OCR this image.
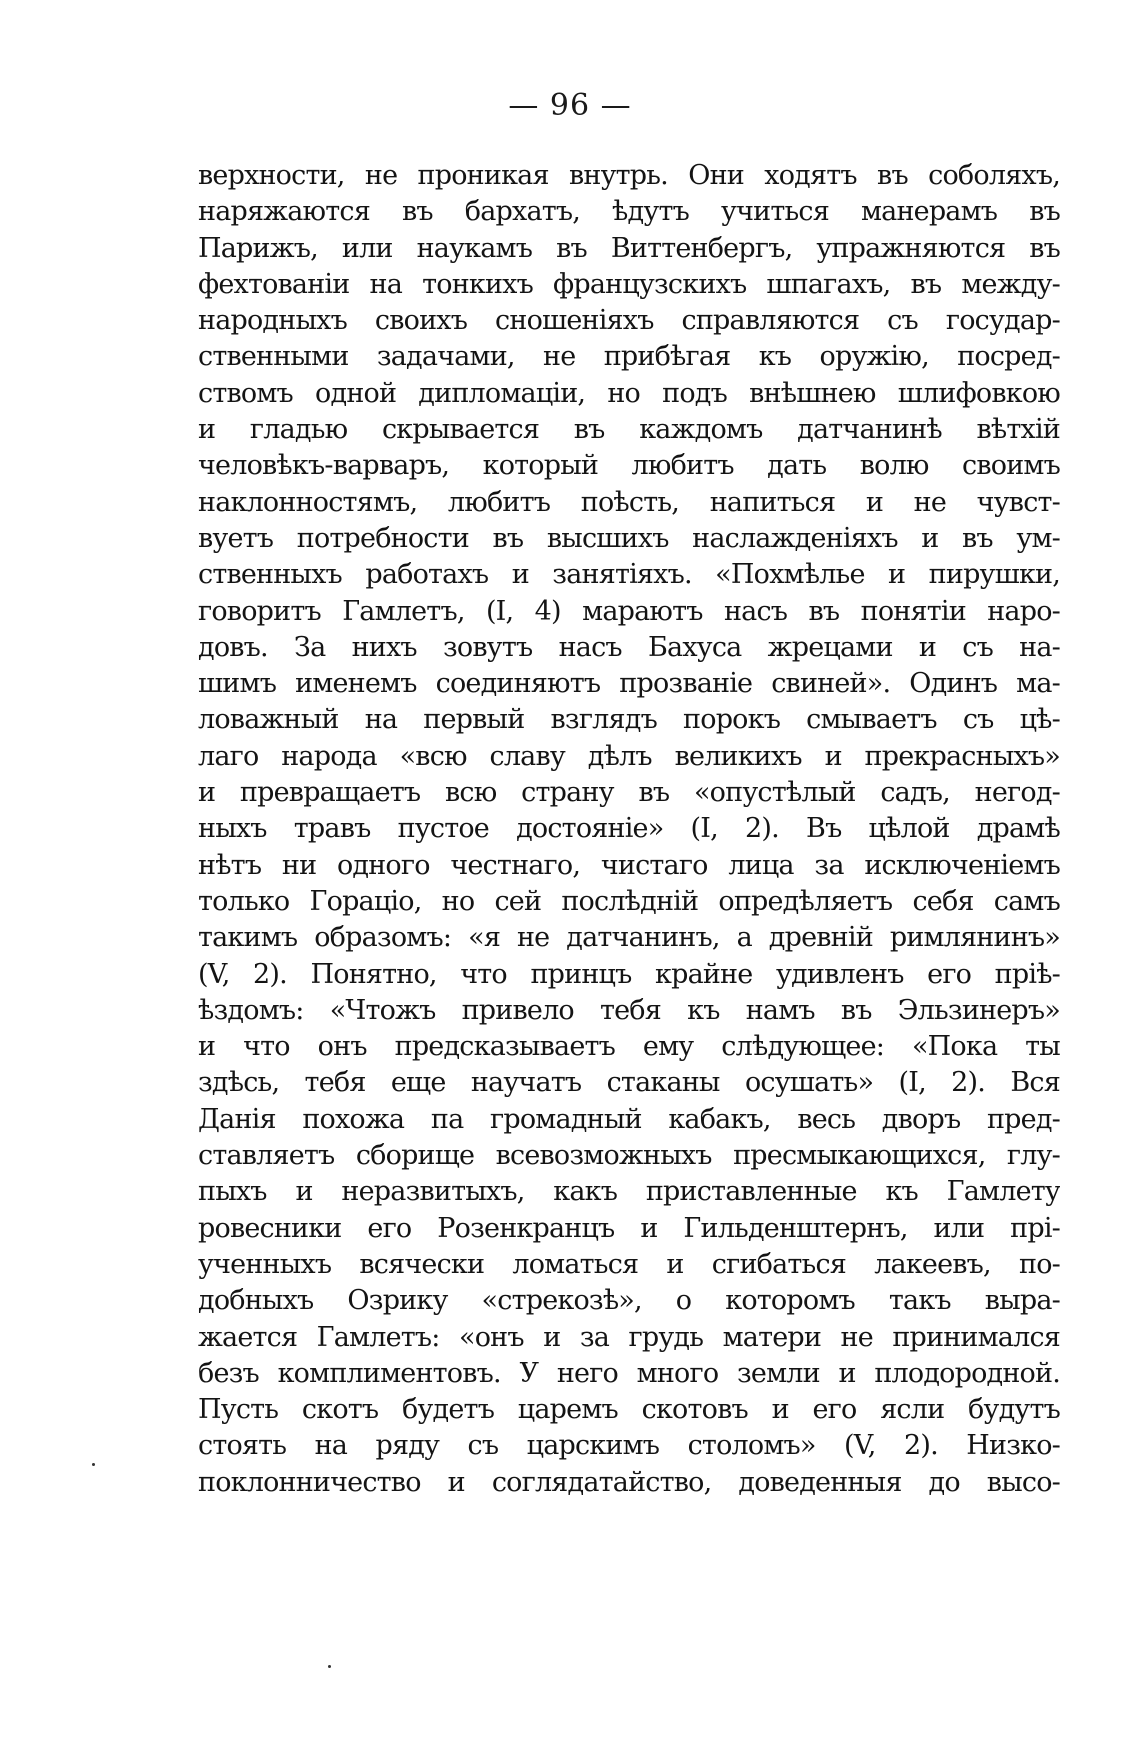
— 96 —
верхности, не проникая внутрь. Они ходятъ въ соболяхъ,
наряжаются въ бархатъ, ѣдутъ учиться манерамъ въ
Парижъ, или наукамъ въ Виттенбергъ, упражняются въ
фехтованіи на тонкихъ французскихъ шпагахъ, въ между-
народныхъ своихъ сношеніяхъ справляются съ государ-
ственными задачами, не прибѣгая къ оружію, посред-
ствомъ одной дипломаціи, но подъ внѣшнею шлифовкою
и гладью скрывается въ каждомъ датчанинѣ вѣтхій
человѣкъ-варваръ, который любитъ дать волю своимъ
наклонностямъ, любитъ поѣсть, напиться и не чувст-
вуетъ потребности въ высшихъ наслажденіяхъ и въ ум-
ственныхъ работахъ и занятіяхъ. «Похмѣлье и пирушки,
говоритъ Гамлетъ, (I, 4) мараютъ насъ въ понятіи наро-
довъ. За нихъ зовутъ насъ Бахуса жрецами и съ на-
шимъ именемъ соединяютъ прозваніе свиней». Одинъ ма-
ловажный на первый взглядъ порокъ смываетъ съ цѣ-
лаго народа «всю славу дѣлъ великихъ и прекрасныхъ»
и превращаетъ всю страну въ «опустѣлый садъ, негод-
ныхъ травъ пустое достояніе» (I, 2). Въ цѣлой драмѣ
нѣтъ ни одного честнаго, чистаго лица за исключеніемъ
только Гораціо, но сей послѣдній опредѣляетъ себя самъ
такимъ образомъ: «я не датчанинъ, а древній римлянинъ»
(V, 2). Понятно, что принцъ крайне удивленъ его пріѣ-
ѣздомъ: «Чтожъ привело тебя къ намъ въ Эльзинеръ»
и что онъ предсказываетъ ему слѣдующее: «Пока ты
здѣсь, тебя еще научатъ стаканы осушать» (I, 2). Вся
Данія похожа па громадный кабакъ, весь дворъ пред-
ставляетъ сборище всевозможныхъ пресмыкающихся, глу-
пыхъ и неразвитыхъ, какъ приставленные къ Гамлету
ровесники его Розенкранцъ и Гильденштернъ, или прі-
ученныхъ всячески ломаться и сгибаться лакеевъ, по-
добныхъ Озрику «стрекозѣ», о которомъ такъ выра-
жается Гамлетъ: «онъ и за грудь матери не принимался
безъ комплиментовъ. У него много земли и плодородной.
Пусть скотъ будетъ царемъ скотовъ и его ясли будутъ
стоять на ряду съ царскимъ столомъ» (V, 2). Низко-
поклонничество и соглядатайство, доведенныя до высо-
